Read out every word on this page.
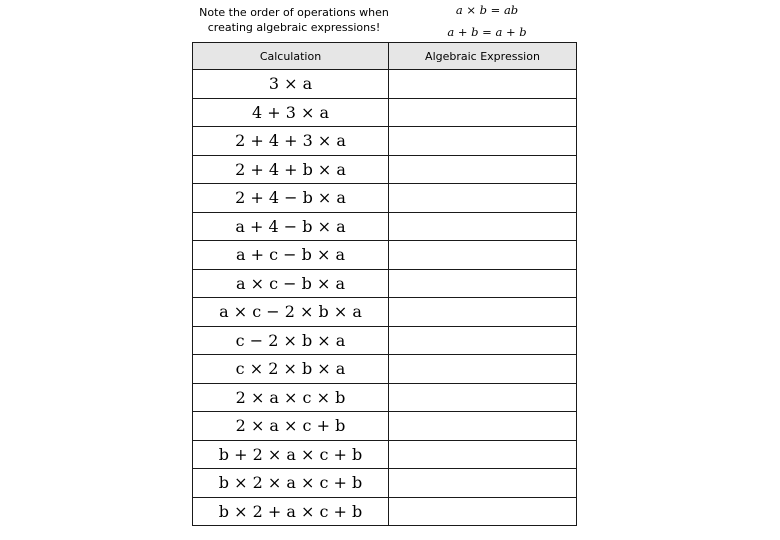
Note the order of operations when
creating algebraic expressions!
a × b = ab
a + b = a + b
Calculation	Algebraic Expression
3 × a	
4 + 3 × a	
2 + 4 + 3 × a	
2 + 4 + b × a	
2 + 4 − b × a	
a + 4 − b × a	
a + c − b × a	
a × c − b × a	
a × c − 2 × b × a	
c − 2 × b × a	
c × 2 × b × a	
2 × a × c × b	
2 × a × c + b	
b + 2 × a × c + b	
b × 2 × a × c + b	
b × 2 + a × c + b	
